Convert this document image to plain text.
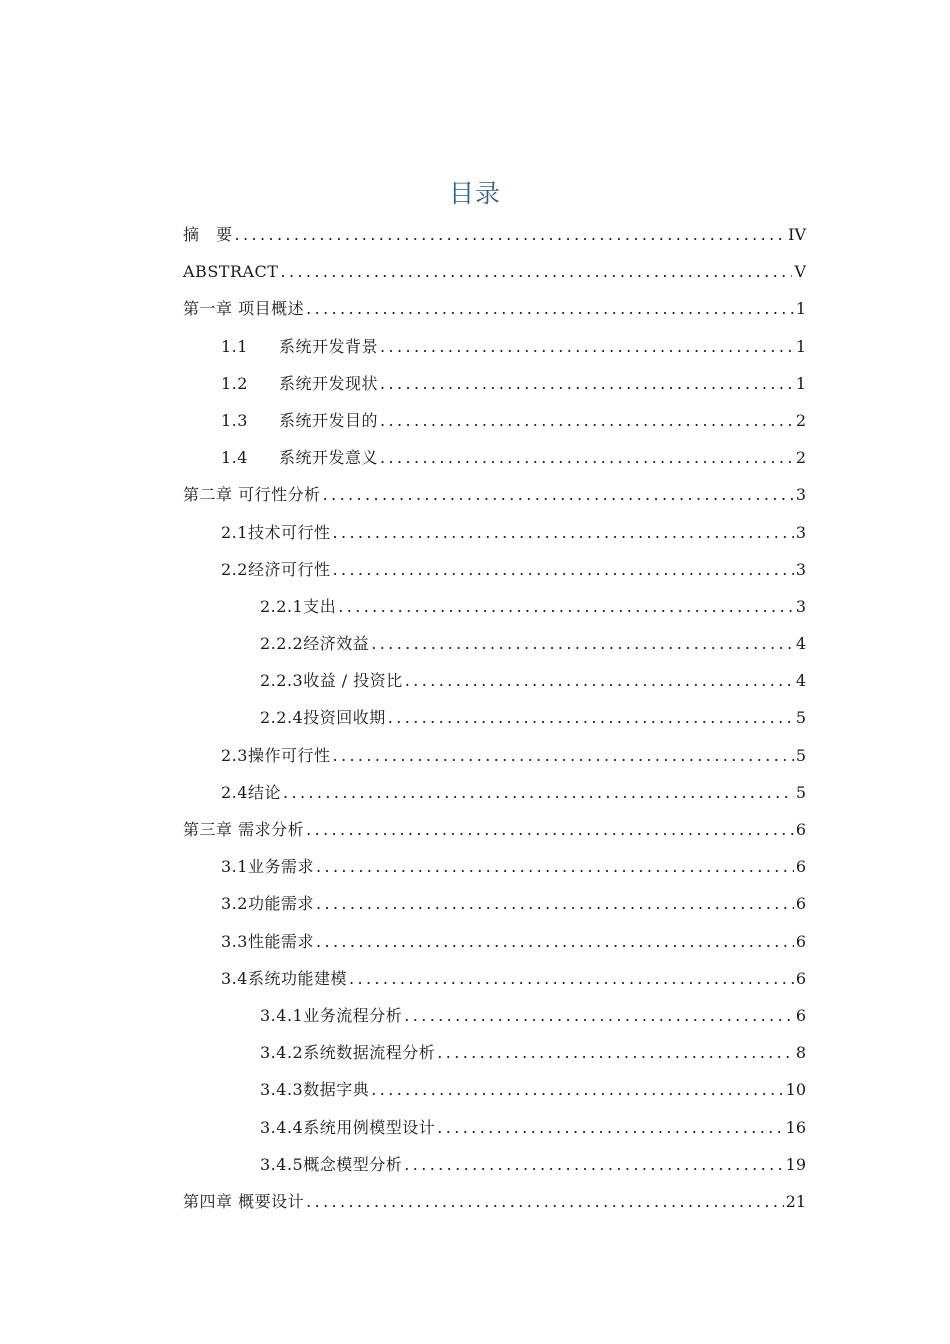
目录
摘　要 .....	IV
ABSTRACT .....	V
第一章 项目概述 .....	1
1.1 系统开发背景 .....	1
1.2 系统开发现状 .....	1
1.3 系统开发目的 .....	2
1.4 系统开发意义 .....	2
第二章 可行性分析 .....	3
2.1技术可行性 .....	3
2.2经济可行性 .....	3
2.2.1支出 .....	3
2.2.2经济效益 .....	4
2.2.3收益 / 投资比 .....	4
2.2.4投资回收期 .....	5
2.3操作可行性 .....	5
2.4结论 .....	5
第三章 需求分析 .....	6
3.1业务需求 .....	6
3.2功能需求 .....	6
3.3性能需求 .....	6
3.4系统功能建模 .....	6
3.4.1业务流程分析 .....	6
3.4.2系统数据流程分析 .....	8
3.4.3数据字典 .....	10
3.4.4系统用例模型设计 .....	16
3.4.5概念模型分析 .....	19
第四章 概要设计 .....	21
